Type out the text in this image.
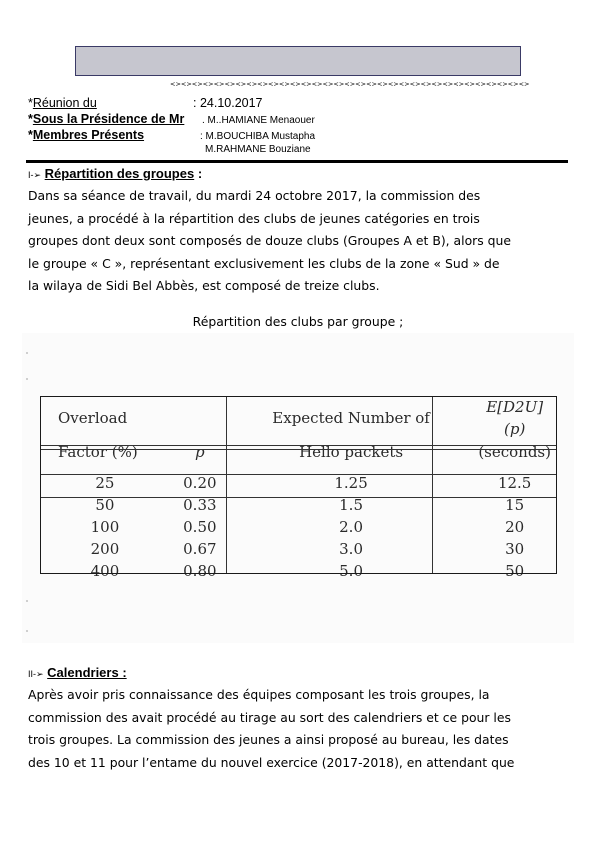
<><><><><><><><><><><><><><><><><><><><><><><><><><><><><><><><><>
*Réunion du	: 24.10.2017
*Sous la Présidence de Mr . M..HAMIANE Menaouer
*Membres Présents	: M.BOUCHIBA Mustapha
M.RAHMANE Bouziane
I-➢ Répartition des groupes :
Dans sa séance de travail, du mardi 24 octobre 2017, la commission des
jeunes, a procédé à la répartition des clubs de jeunes catégories en trois
groupes dont deux sont composés de douze clubs (Groupes A et B), alors que
le groupe « C », représentant exclusivement les clubs de la zone « Sud » de
la wilaya de Sidi Bel Abbès, est composé de treize clubs.
Répartition des clubs par groupe ;
Overload		Expected Number of	E[D2U](p)
Factor (%)	p	Hello packets	(seconds)
25	0.20	1.25	12.5
50	0.33	1.5	15
100	0.50	2.0	20
200	0.67	3.0	30
400	0.80	5.0	50
II-➢ Calendriers :
Après avoir pris connaissance des équipes composant les trois groupes, la
commission des avait procédé au tirage au sort des calendriers et ce pour les
trois groupes. La commission des jeunes a ainsi proposé au bureau, les dates
des 10 et 11 pour l’entame du nouvel exercice (2017-2018), en attendant que
